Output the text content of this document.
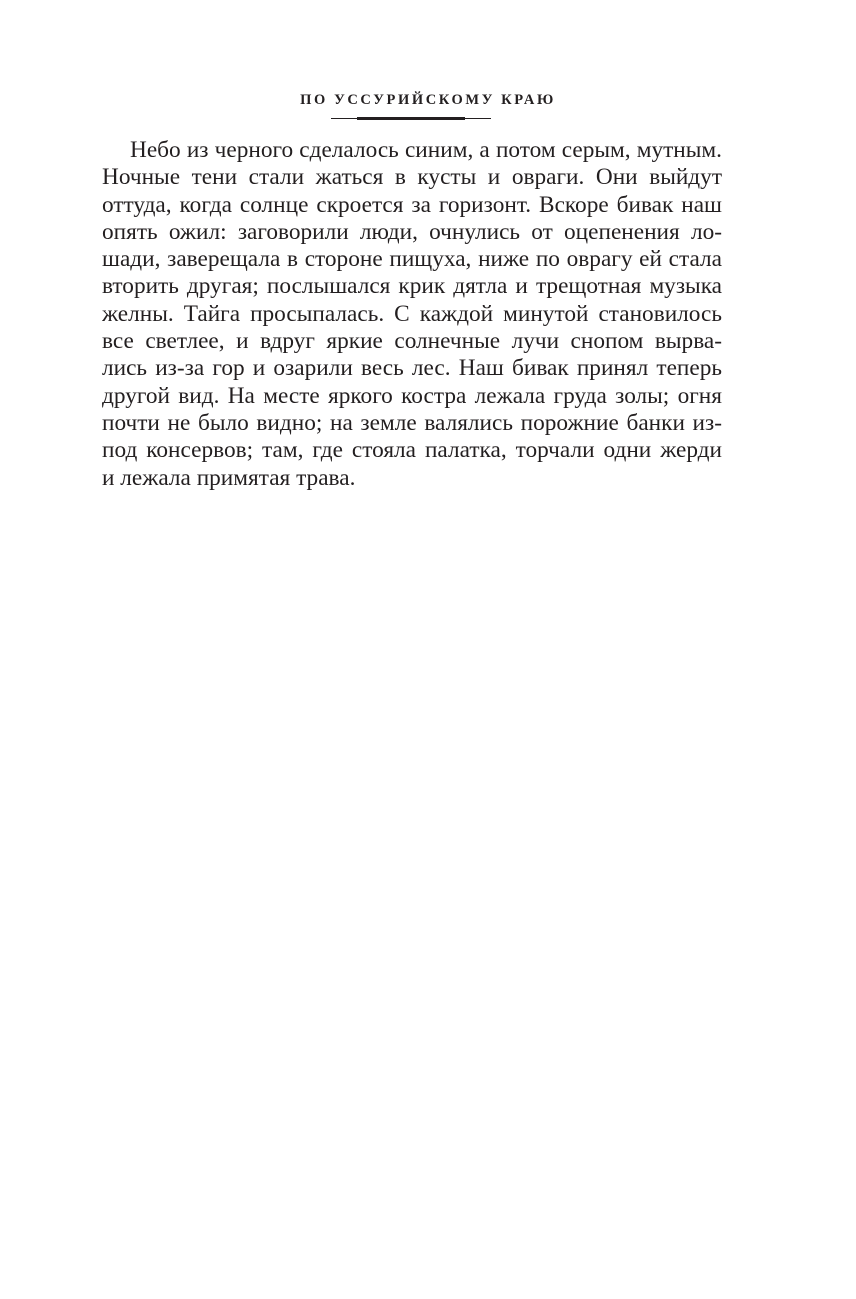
ПО УССУРИЙСКОМУ КРАЮ
Небо из черного сделалось синим, а потом серым, мутным.
Ночные тени стали жаться в кусты и овраги. Они выйдут
оттуда, когда солнце скроется за горизонт. Вскоре бивак наш
опять ожил: заговорили люди, очнулись от оцепенения ло-
шади, заверещала в стороне пищуха, ниже по оврагу ей стала
вторить другая; послышался крик дятла и трещотная музыка
желны. Тайга просыпалась. С каждой минутой становилось
все светлее, и вдруг яркие солнечные лучи снопом вырва-
лись из-за гор и озарили весь лес. Наш бивак принял теперь
другой вид. На месте яркого костра лежала груда золы; огня
почти не было видно; на земле валялись порожние банки из-
под консервов; там, где стояла палатка, торчали одни жерди
и лежала примятая трава.
